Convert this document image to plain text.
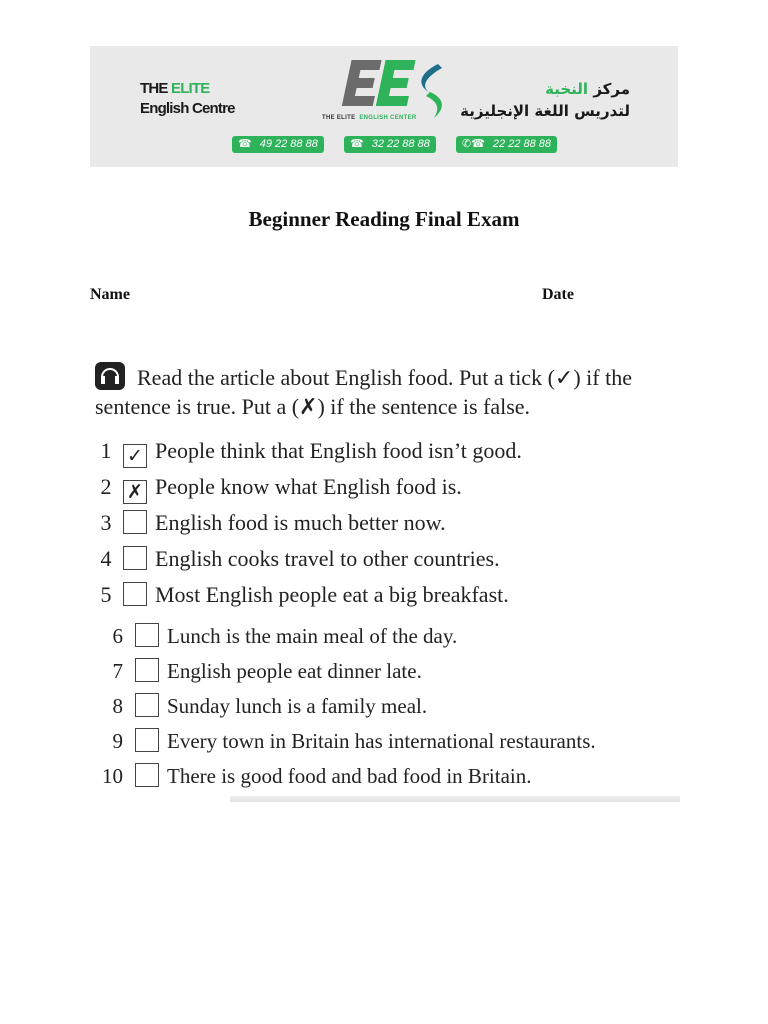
THE ELITE
English Centre
THE ELITE ENGLISH CENTER
مركز النخبة
لتدريس اللغة الإنجليزية
☎ 49 22 88 88	☎ 32 22 88 88	✆☎ 22 22 88 88
Beginner Reading Final Exam
Name	Date
Read the article about English food. Put a tick (✓) if the sentence is true. Put a (✗) if the sentence is false.
1 ✓ People think that English food isn’t good.
2 ✗ People know what English food is.
3 English food is much better now.
4 English cooks travel to other countries.
5 Most English people eat a big breakfast.
6 Lunch is the main meal of the day.
7 English people eat dinner late.
8 Sunday lunch is a family meal.
9 Every town in Britain has international restaurants.
10 There is good food and bad food in Britain.
